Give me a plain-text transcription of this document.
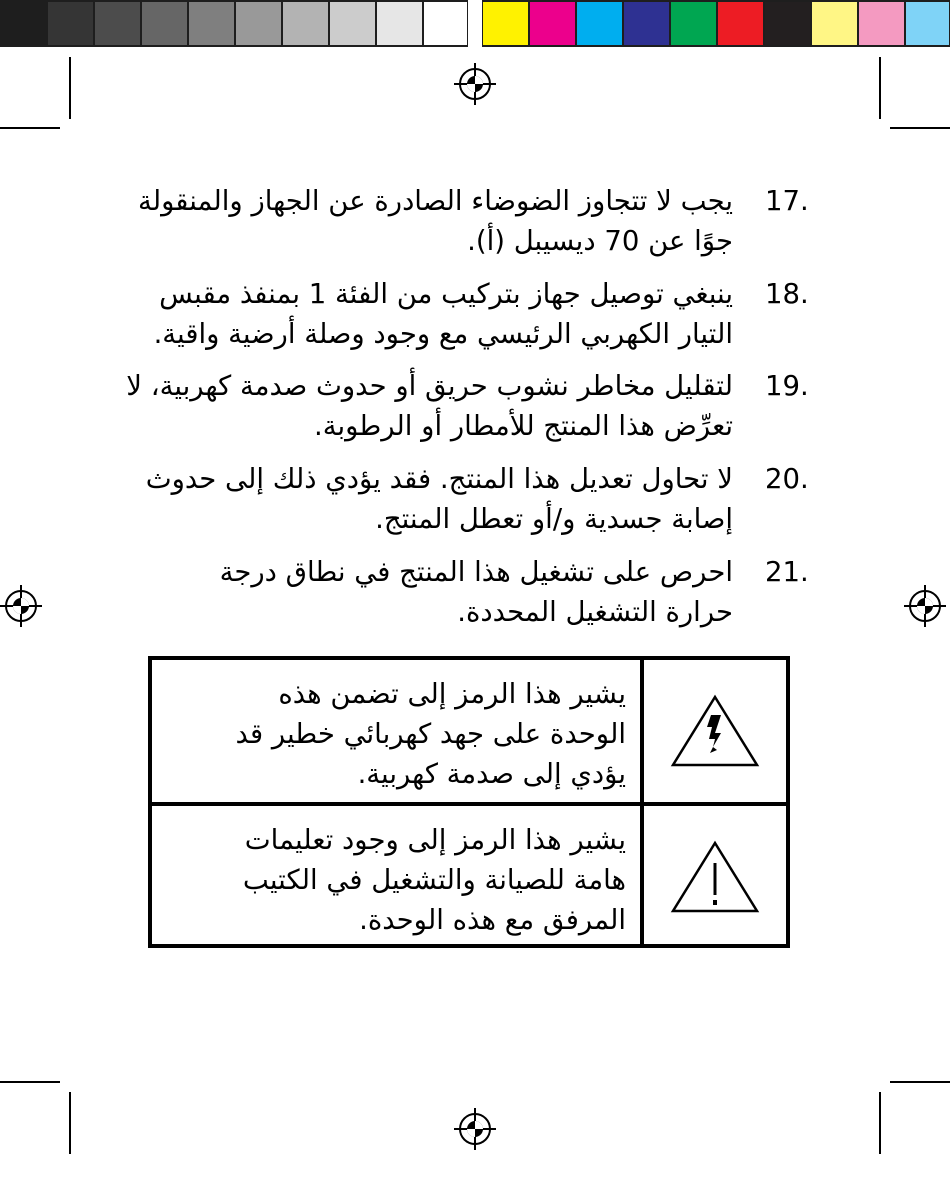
17.
يجب لا تتجاوز الضوضاء الصادرة عن الجهاز والمنقولة
جوًا عن 70 ديسيبل (أ).
18.
ينبغي توصيل جهاز بتركيب من الفئة 1 بمنفذ مقبس
التيار الكهربي الرئيسي مع وجود وصلة أرضية واقية.
19.
لتقليل مخاطر نشوب حريق أو حدوث صدمة كهربية، لا
تعرِّض هذا المنتج للأمطار أو الرطوبة.
20.
لا تحاول تعديل هذا المنتج. فقد يؤدي ذلك إلى حدوث
إصابة جسدية و/أو تعطل المنتج.
21.
احرص على تشغيل هذا المنتج في نطاق درجة
حرارة التشغيل المحددة.
يشير هذا الرمز إلى تضمن هذه
الوحدة على جهد كهربائي خطير قد
يؤدي إلى صدمة كهربية.
يشير هذا الرمز إلى وجود تعليمات
هامة للصيانة والتشغيل في الكتيب
المرفق مع هذه الوحدة.
